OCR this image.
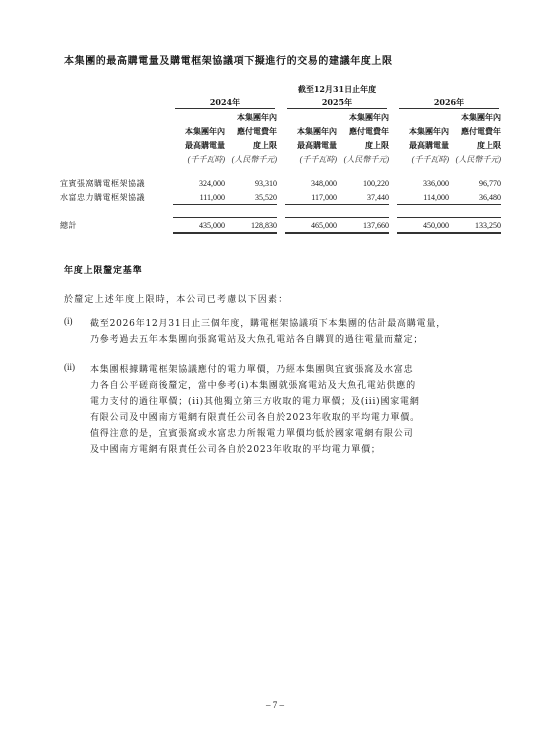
本集團的最高購電量及購電框架協議項下擬進行的交易的建議年度上限
	截至12月31日止年度							

	2024年			2025年			2026年	

		本集團年內			本集團年內			本集團年內
	本集團年內	應付電費年		本集團年內	應付電費年		本集團年內	應付電費年
	最高購電量	度上限		最高購電量	度上限		最高購電量	度上限
	(千千瓦時)	(人民幣千元)		(千千瓦時)	(人民幣千元)		(千千瓦時)	(人民幣千元)

宜賓張窩購電框架協議	324,000	93,310		348,000	100,220		336,000	96,770
水富忠力購電框架協議	111,000	35,520		117,000	37,440		114,000	36,480

總計	435,000	128,830		465,000	137,660		450,000	133,250
年度上限釐定基準
於釐定上述年度上限時，本公司已考慮以下因素：
(i) 截至2026年12月31日止三個年度，購電框架協議項下本集團的估計最高購電量，
乃參考過去五年本集團向張窩電站及大魚孔電站各自購買的過往電量而釐定；
(ii) 本集團根據購電框架協議應付的電力單價，乃經本集團與宜賓張窩及水富忠
力各自公平磋商後釐定，當中參考(i)本集團就張窩電站及大魚孔電站供應的
電力支付的過往單價；(ii)其他獨立第三方收取的電力單價；及(iii)國家電網
有限公司及中國南方電網有限責任公司各自於2023年收取的平均電力單價。
值得注意的是，宜賓張窩或水富忠力所報電力單價均低於國家電網有限公司
及中國南方電網有限責任公司各自於2023年收取的平均電力單價；
– 7 –
